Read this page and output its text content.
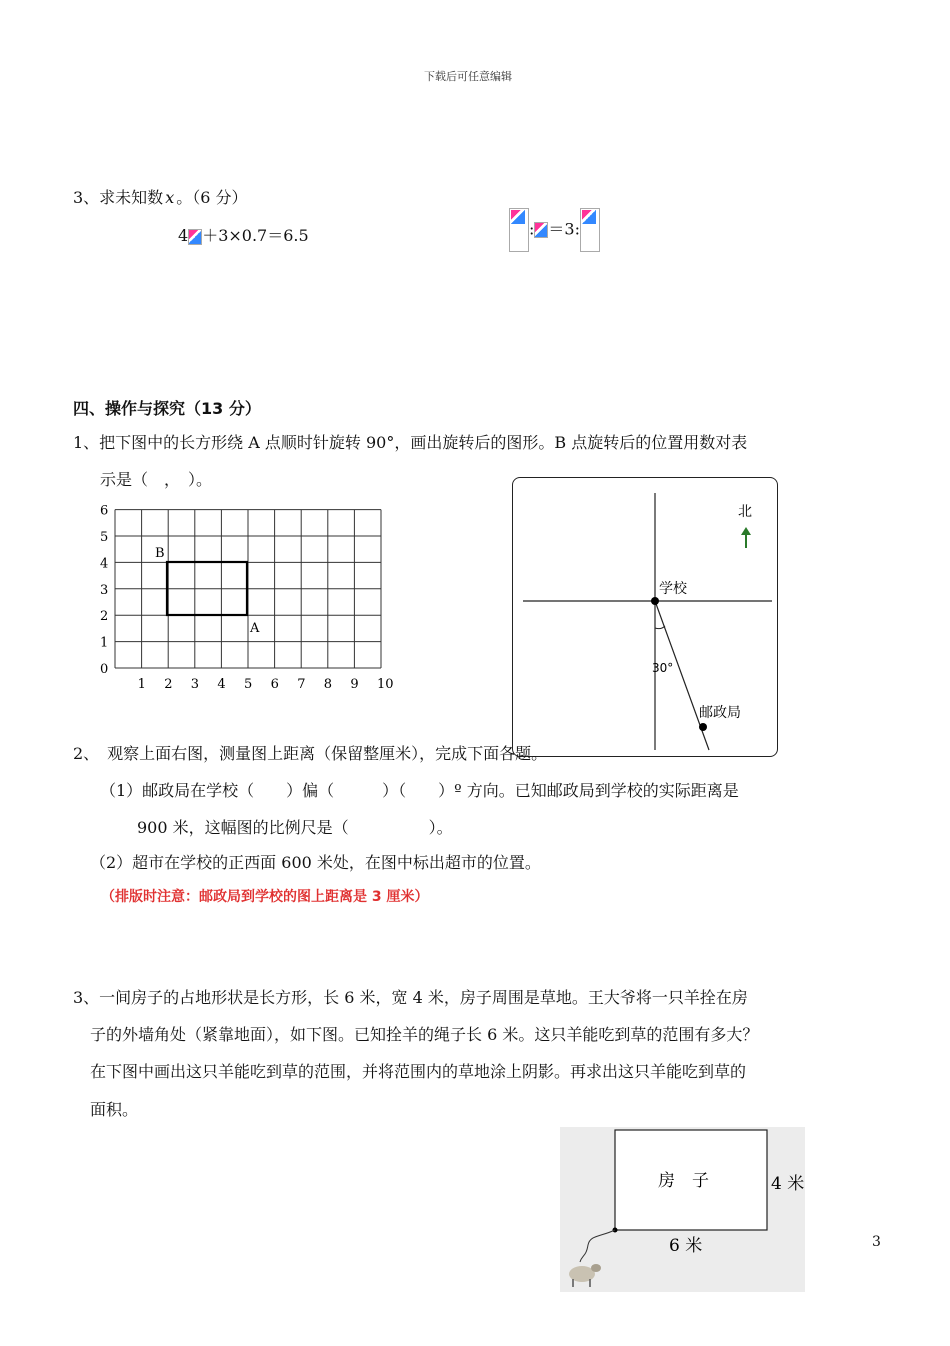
下载后可任意编辑
3、求未知数 x 。（6 分）
4 ＋3×0.7＝6.5	: ＝3:
四、操作与探究（13 分）
1、把下图中的长方形绕 A 点顺时针旋转 90°，画出旋转后的图形。B 点旋转后的位置用数对表
示是（　，　）。
B
A
6
5
4
3
2
1
0
1 2 3 4 5 6 7 8 9 10
北
学校
30°
邮政局
2、　观察上面右图，测量图上距离（保留整厘米），完成下面各题。
（1）邮政局在学校（　　）偏（　　　）（　　）º 方向。已知邮政局到学校的实际距离是
900 米，这幅图的比例尺是（　　　　　）。
（2）超市在学校的正西面 600 米处，在图中标出超市的位置。
（排版时注意：邮政局到学校的图上距离是 3 厘米）
3、一间房子的占地形状是长方形，长 6 米，宽 4 米，房子周围是草地。王大爷将一只羊拴在房
子的外墙角处（紧靠地面），如下图。已知拴羊的绳子长 6 米。这只羊能吃到草的范围有多大？
在下图中画出这只羊能吃到草的范围，并将范围内的草地涂上阴影。再求出这只羊能吃到草的
面积。
房　子	4 米
6 米	3
